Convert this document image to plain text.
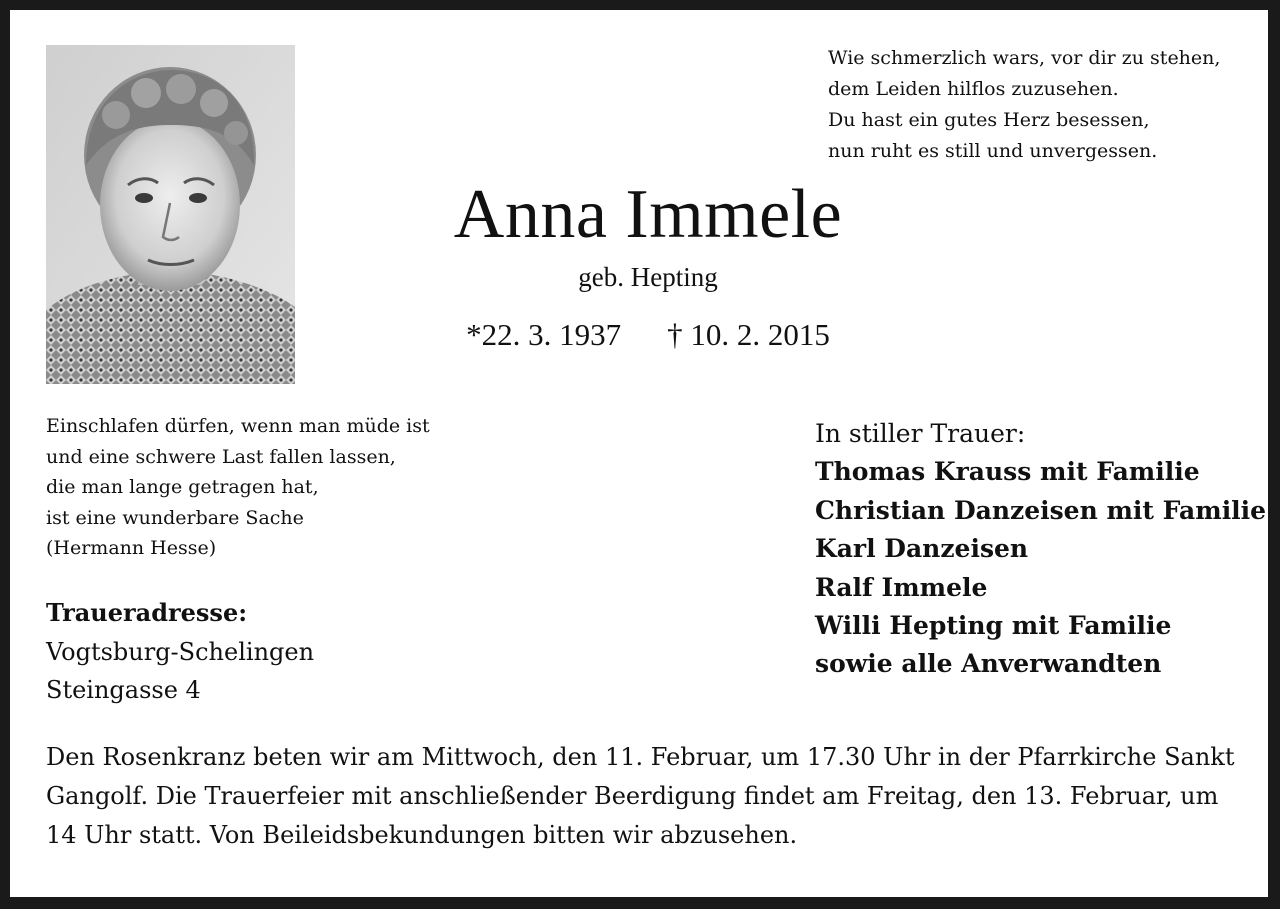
Wie schmerzlich wars, vor dir zu stehen,
dem Leiden hilflos zuzusehen.
Du hast ein gutes Herz besessen,
nun ruht es still und unvergessen.
Anna Immele
geb. Hepting
*22. 3. 1937 † 10. 2. 2015
Einschlafen dürfen, wenn man müde ist
und eine schwere Last fallen lassen,
die man lange getragen hat,
ist eine wunderbare Sache
(Hermann Hesse)
Traueradresse:
Vogtsburg-Schelingen
Steingasse 4
In stiller Trauer:
Thomas Krauss mit Familie
Christian Danzeisen mit Familie
Karl Danzeisen
Ralf Immele
Willi Hepting mit Familie
sowie alle Anverwandten
Den Rosenkranz beten wir am Mittwoch, den 11. Februar, um 17.30 Uhr in der Pfarrkirche Sankt
Gangolf. Die Trauerfeier mit anschließender Beerdigung findet am Freitag, den 13. Februar, um
14 Uhr statt. Von Beileidsbekundungen bitten wir abzusehen.
